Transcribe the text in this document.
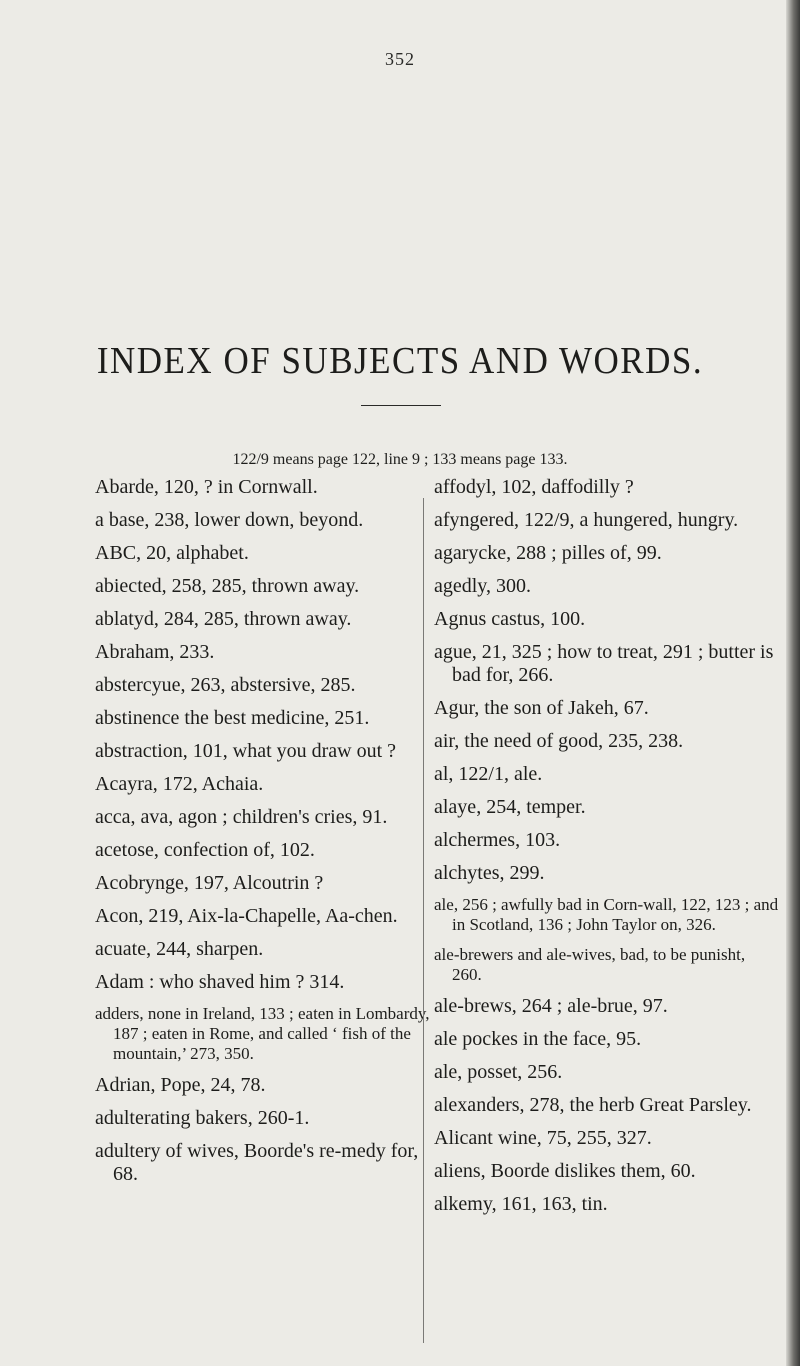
352
INDEX OF SUBJECTS AND WORDS.
122/9 means page 122, line 9 ; 133 means page 133.

Abarde, 120, ? in Cornwall.

a base, 238, lower down, beyond.

ABC, 20, alphabet.

abiected, 258, 285, thrown away.

ablatyd, 284, 285, thrown away.

Abraham, 233.

abstercyue, 263, abstersive, 285.

abstinence the best medicine, 251.

abstraction, 101, what you draw out ?

Acayra, 172, Achaia.

acca, ava, agon ; children's cries, 91.

acetose, confection of, 102.

Acobrynge, 197, Alcoutrin ?

Acon, 219, Aix-la-Chapelle, Aa-chen.

acuate, 244, sharpen.

Adam : who shaved him ? 314.

adders, none in Ireland, 133 ; eaten in Lombardy, 187 ; eaten in Rome, and called ‘ fish of the mountain,’ 273, 350.

Adrian, Pope, 24, 78.

adulterating bakers, 260-1.

adultery of wives, Boorde's re-medy for, 68.

affodyl, 102, daffodilly ?

afyngered, 122/9, a hungered, hungry.

agarycke, 288 ; pilles of, 99.

agedly, 300.

Agnus castus, 100.

ague, 21, 325 ; how to treat, 291 ; butter is bad for, 266.

Agur, the son of Jakeh, 67.

air, the need of good, 235, 238.

al, 122/1, ale.

alaye, 254, temper.

alchermes, 103.

alchytes, 299.

ale, 256 ; awfully bad in Corn-wall, 122, 123 ; and in Scotland, 136 ; John Taylor on, 326.

ale-brewers and ale-wives, bad, to be punisht, 260.

ale-brews, 264 ; ale-brue, 97.

ale pockes in the face, 95.

ale, posset, 256.

alexanders, 278, the herb Great Parsley.

Alicant wine, 75, 255, 327.

aliens, Boorde dislikes them, 60.

alkemy, 161, 163, tin.
